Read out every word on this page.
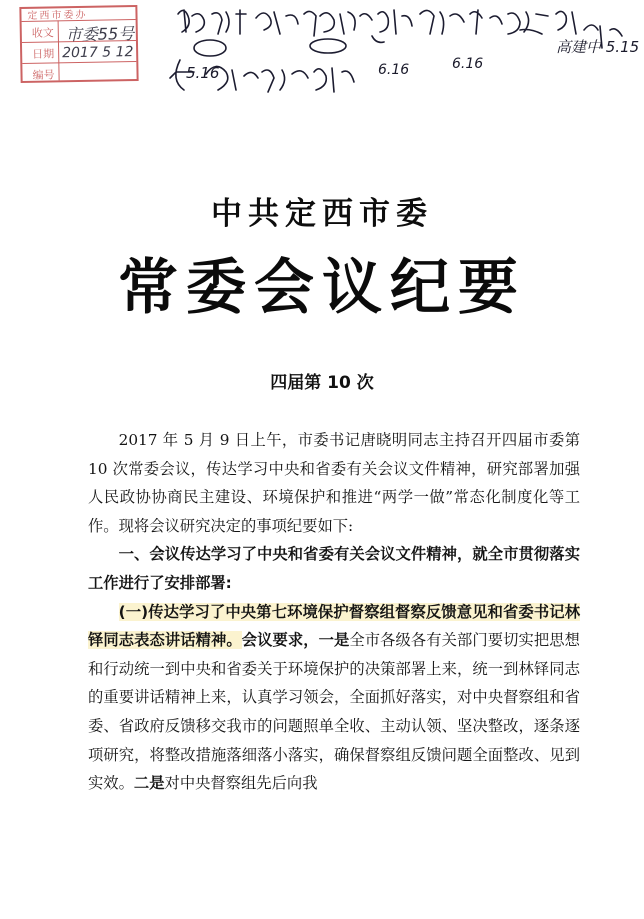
定西市委办
收文
日期
编号
市委55号
2017 5 12
5.16	6.16	6.16
高建中 5.15
中共定西市委
常委会议纪要
四届第 10 次

2017 年 5 月 9 日上午，市委书记唐晓明同志主持召开四届市委第 10 次常委会议，传达学习中央和省委有关会议文件精神，研究部署加强人民政协协商民主建设、环境保护和推进“两学一做”常态化制度化等工作。现将会议研究决定的事项纪要如下:

一、会议传达学习了中央和省委有关会议文件精神，就全市贯彻落实工作进行了安排部署:

(一)传达学习了中央第七环境保护督察组督察反馈意见和省委书记林铎同志表态讲话精神。会议要求，一是全市各级各有关部门要切实把思想和行动统一到中央和省委关于环境保护的决策部署上来，统一到林铎同志的重要讲话精神上来，认真学习领会，全面抓好落实，对中央督察组和省委、省政府反馈移交我市的问题照单全收、主动认领、坚决整改，逐条逐项研究，将整改措施落细落小落实，确保督察组反馈问题全面整改、见到实效。二是对中央督察组先后向我
